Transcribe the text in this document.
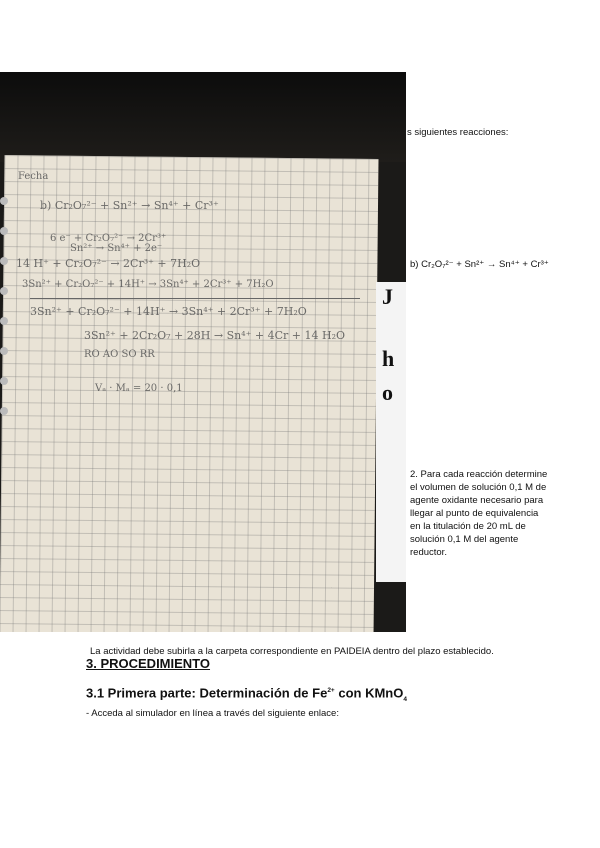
J
h
o
Fecha
b) Cr₂O₇²⁻ + Sn²⁺ → Sn⁴⁺ + Cr³⁺
6 e⁻ + Cr₂O₇²⁻ → 2Cr³⁺
Sn²⁺ → Sn⁴⁺ + 2e⁻
14 H⁺ + Cr₂O₇²⁻ → 2Cr³⁺ + 7H₂O
3Sn²⁺ + Cr₂O₇²⁻ + 14H⁺ → 3Sn⁴⁺ + 2Cr³⁺ + 7H₂O
3Sn²⁺ + Cr₂O₇²⁻ + 14H⁺ → 3Sn⁴⁺ + 2Cr³⁺ + 7H₂O
3Sn²⁺ + 2Cr₂O₇ + 28H → Sn⁴⁺ + 4Cr + 14 H₂O
RO AO SO RR
Vₐ · Mₐ = 20 · 0,1
s siguientes reacciones:
b) Cr₂O₇²⁻ + Sn²⁺ → Sn⁴⁺ + Cr³⁺
2. Para cada reacción determine el volumen de solución 0,1 M de agente oxidante necesario para llegar al punto de equivalencia en la titulación de 20 mL de solución 0,1 M del agente reductor.
La actividad debe subirla a la carpeta correspondiente en PAIDEIA dentro del plazo establecido.
3. PROCEDIMIENTO
3.1 Primera parte: Determinación de $Fe^{2+}$ con KMnO$_4$
- Acceda al simulador en línea a través del siguiente enlace:
